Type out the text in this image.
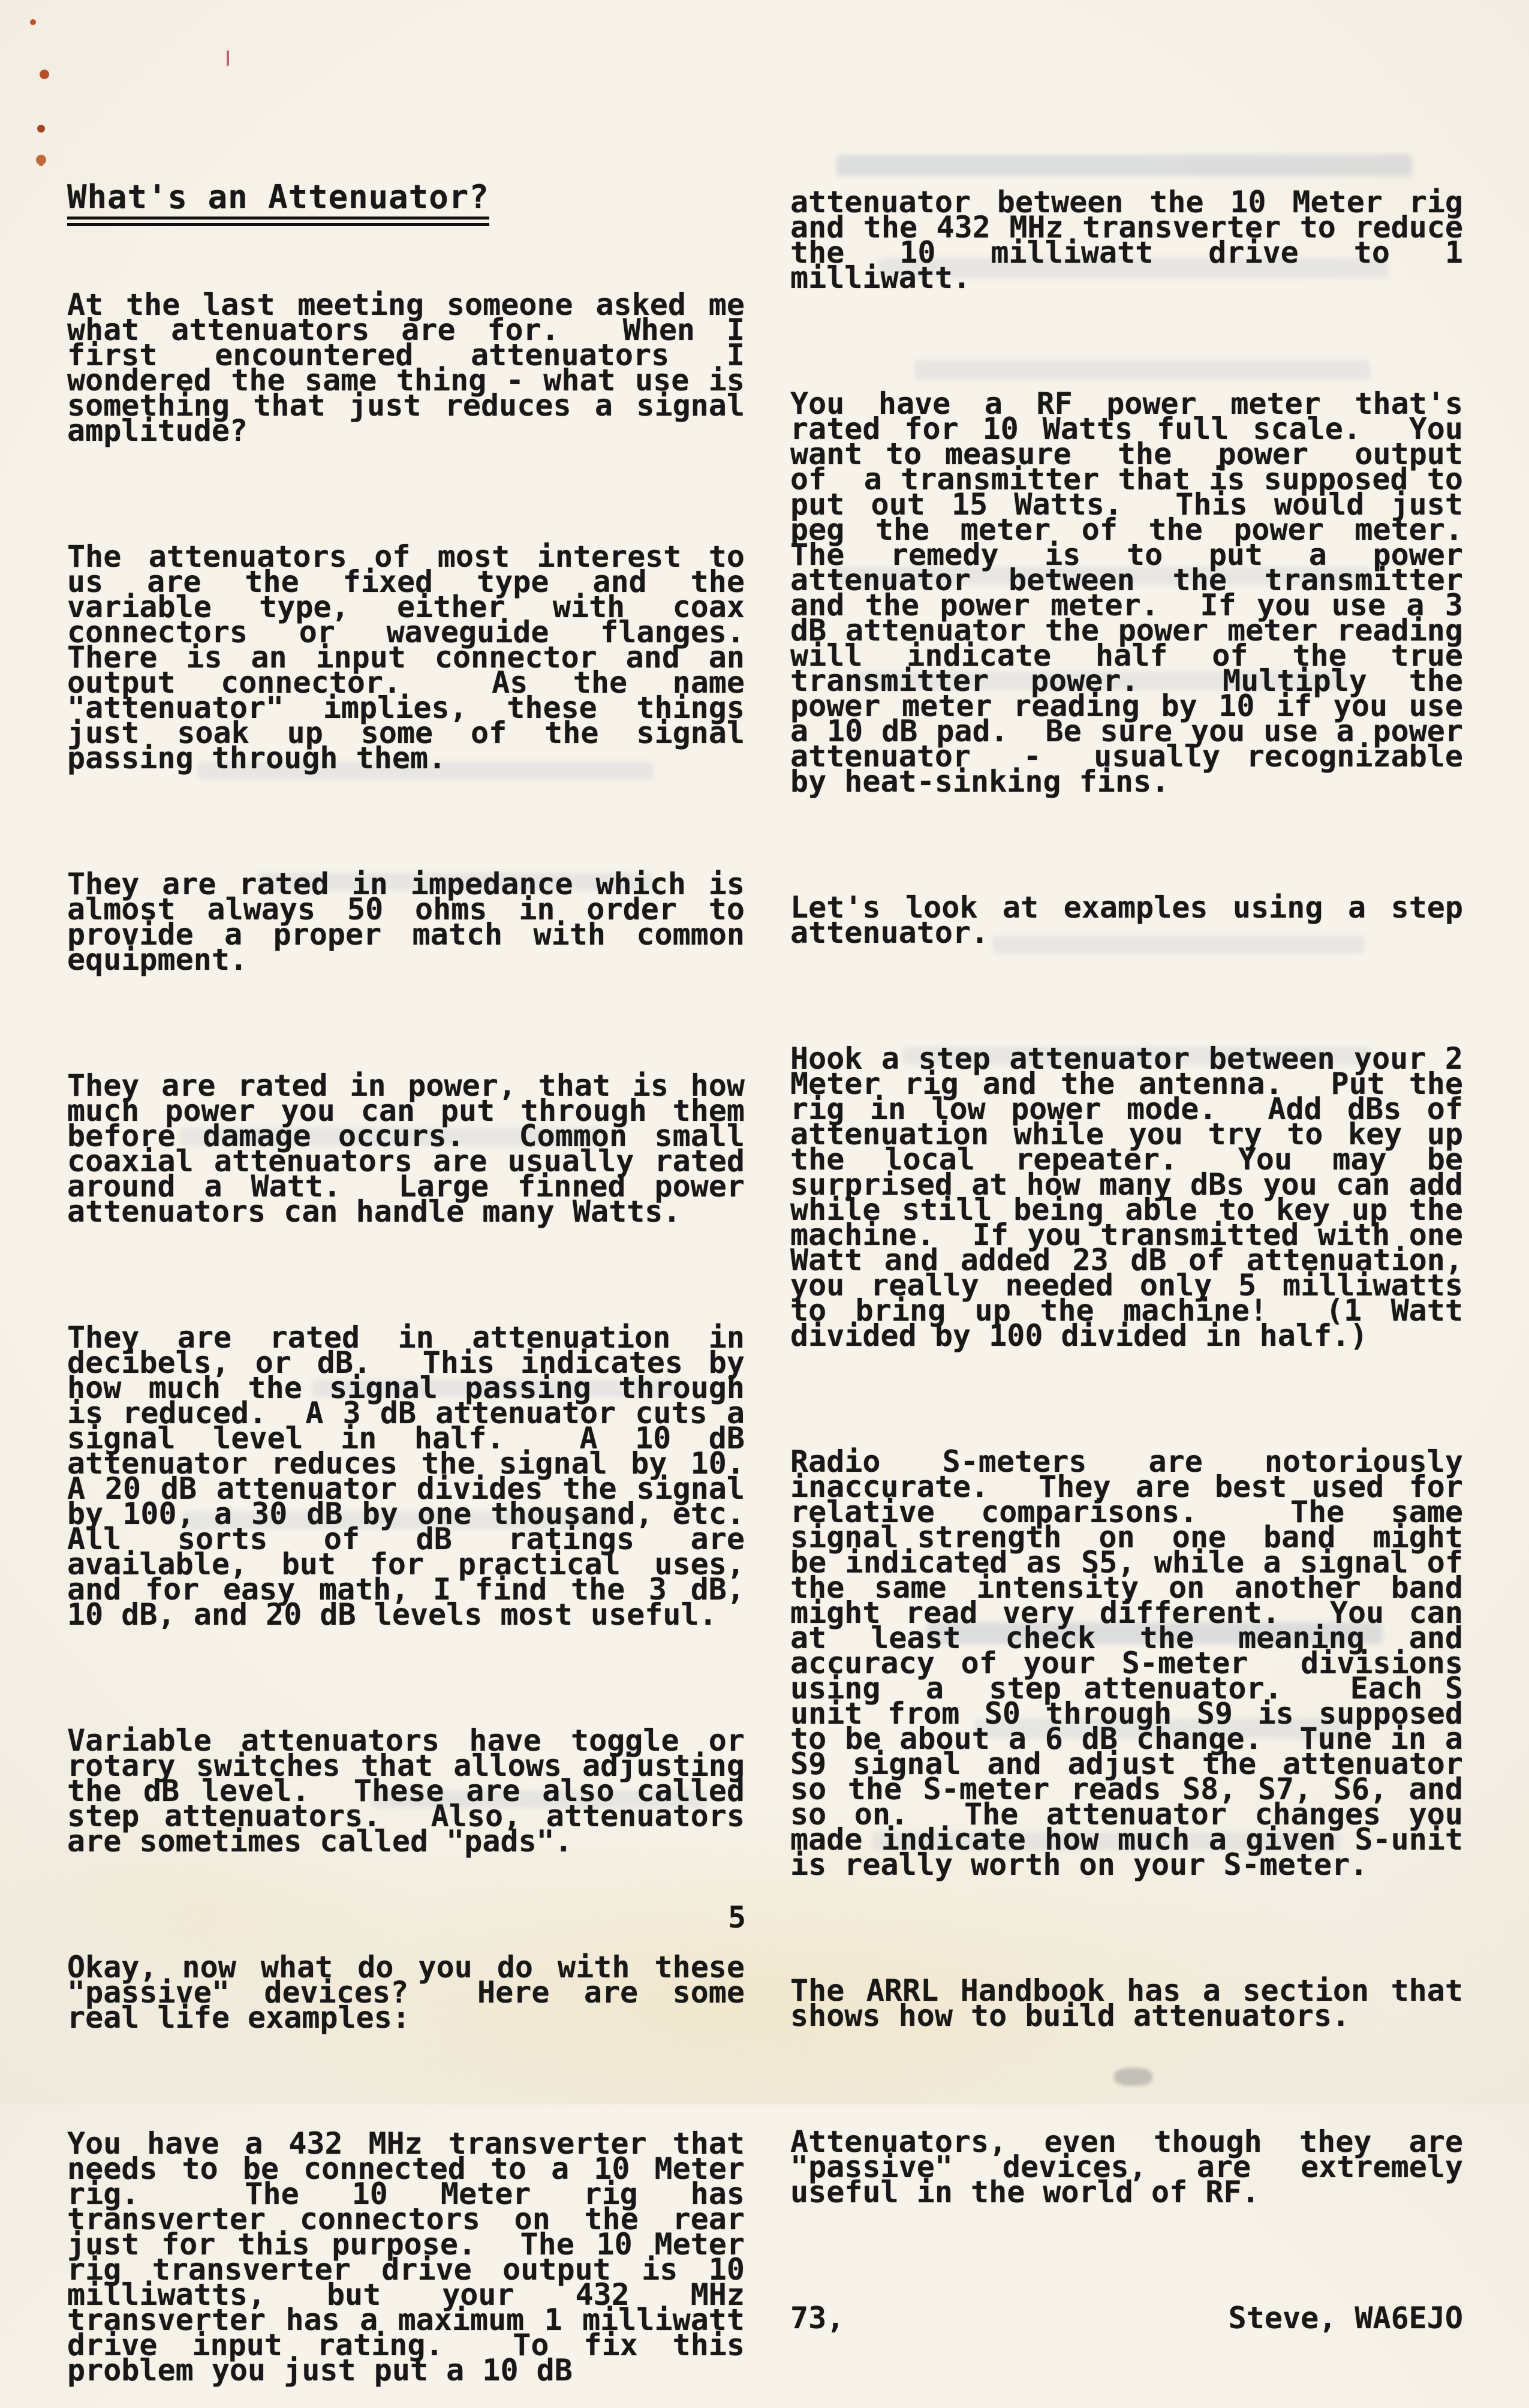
What's an Attenuator?

At the last meeting someone asked me what attenuators are for.  When I first  encountered  attenuators  I wondered the same thing - what use is something that just reduces a signal amplitude?

The attenuators of most interest to us are the fixed type and the variable type, either with coax connectors or waveguide flanges.  There is an input connector and an output connector.  As the name "attenuator" implies, these things just soak up some of the signal passing through them.

They are rated in impedance which is almost always 50 ohms in order to provide a proper match with common equipment.

They are rated in power, that is how much power you can put through them before damage occurs.  Common small coaxial attenuators are usually rated around a Watt.  Large finned power attenuators can handle many Watts.

They are rated in attenuation in decibels, or dB.  This indicates by how much the signal passing through is reduced.  A 3 dB attenuator cuts a signal level in half.  A 10 dB attenuator reduces the signal by 10.  A 20 dB attenuator divides the signal by 100, a 30 dB by one thousand, etc.  All sorts of dB ratings are available, but for practical uses, and for easy math, I find the 3 dB, 10 dB, and 20 dB levels most useful.

Variable attenuators have toggle or rotary switches that allows adjusting the dB level.  These are also called step attenuators.  Also, attenuators are sometimes called "pads".

Okay, now what do you do with these "passive" devices?  Here are some real life examples:

You have a 432 MHz transverter that needs to be connected to a 10 Meter rig.  The 10 Meter rig has transverter connectors on the rear just for this purpose.  The 10 Meter rig transverter drive output is 10 milliwatts, but your 432 MHz transverter has a maximum 1 milliwatt drive input rating.  To fix this problem you just put a 10 dB

attenuator between the 10 Meter rig and the 432 MHz transverter to reduce the 10 milliwatt drive to 1 milliwatt.

You have a RF power meter that's rated for 10 Watts full scale.  You want to measure  the  power  output  of  a transmitter that is supposed to put out 15 Watts.  This would just peg the meter of the power meter.  The remedy is to put a power attenuator between the transmitter and the power meter.  If you use a 3 dB attenuator the power meter reading will indicate half of the true transmitter power.  Multiply the power meter reading by 10 if you use a 10 dB pad.  Be sure you use a power  attenuator  -  usually recognizable by heat-sinking fins.

Let's look at examples using a step attenuator.

Hook a step attenuator between your 2 Meter rig and the antenna.  Put the rig in low power mode.  Add dBs of attenuation while you try to key up the  local  repeater.   You  may  be surprised at how many dBs you can add while still being able to key up the machine.  If you transmitted with one Watt and added 23 dB of attenuation, you really needed only 5 milliwatts to bring up the machine!  (1 Watt divided by 100 divided in half.)

Radio  S-meters  are  notoriously inaccurate.  They are best used for relative comparisons.  The same signal strength  on  one  band  might  be indicated as S5, while a signal of the same intensity on another band might read very different.  You can at least check the meaning and accuracy of your S-meter  divisions  using  a  step attenuator.   Each S unit from S0 through S9 is supposed to be about a 6 dB change.  Tune in a S9 signal and adjust the attenuator so the S-meter reads S8, S7, S6, and so on.  The attenuator changes you made indicate how much a given S-unit is really worth on your S-meter.

The ARRL Handbook has a section that shows how to build attenuators.

Attenuators, even though they are "passive" devices, are extremely useful in the world of RF.

73,	Steve, WA6EJO

5
